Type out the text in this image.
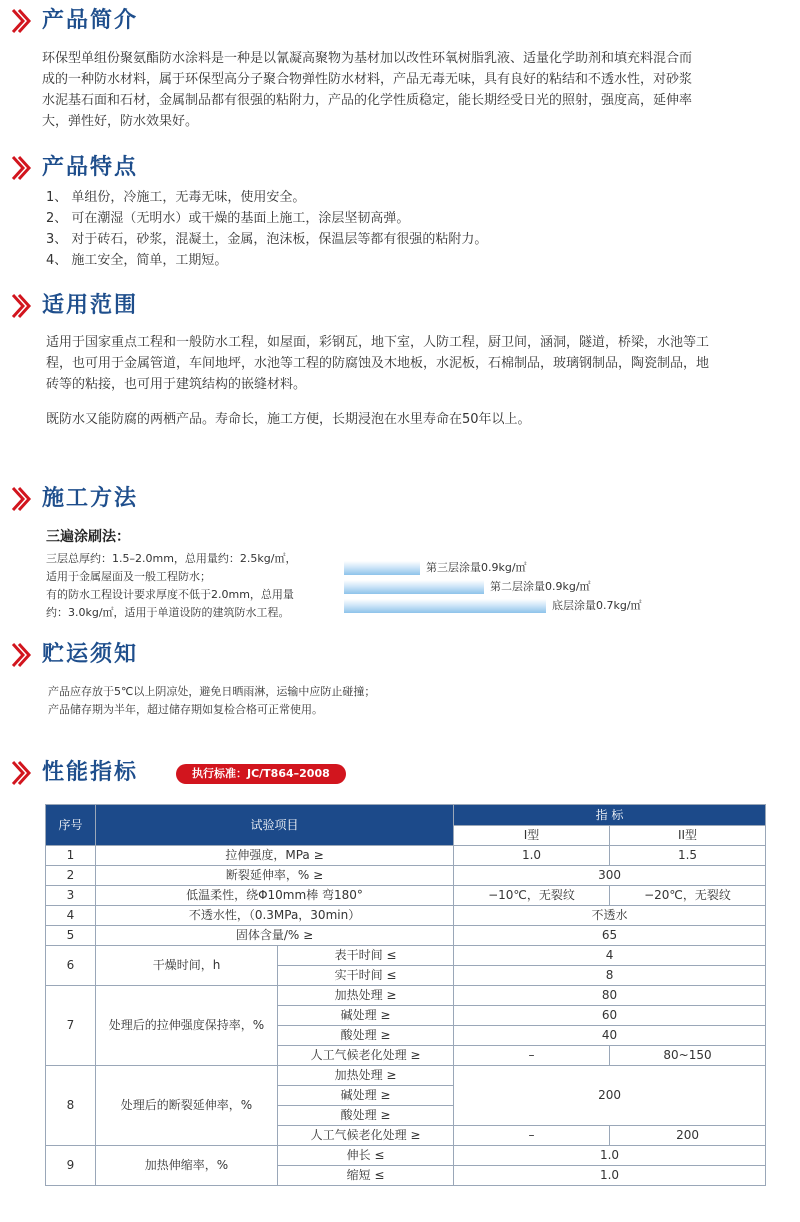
产品简介
环保型单组份聚氨酯防水涂料是一种是以氰凝高聚物为基材加以改性环氧树脂乳液、适量化学助剂和填充料混合而
成的一种防水材料，属于环保型高分子聚合物弹性防水材料，产品无毒无味，具有良好的粘结和不透水性，对砂浆
水泥基石面和石材，金属制品都有很强的粘附力，产品的化学性质稳定，能长期经受日光的照射，强度高，延伸率
大，弹性好，防水效果好。
产品特点
1、 单组份，冷施工，无毒无味，使用安全。
2、 可在潮湿（无明水）或干燥的基面上施工，涂层坚韧高弹。
3、 对于砖石，砂浆，混凝土，金属，泡沫板，保温层等都有很强的粘附力。
4、 施工安全，简单，工期短。
适用范围
适用于国家重点工程和一般防水工程，如屋面，彩钢瓦，地下室，人防工程，厨卫间，涵洞，隧道，桥梁，水池等工
程，也可用于金属管道，车间地坪，水池等工程的防腐蚀及木地板，水泥板，石棉制品，玻璃钢制品，陶瓷制品，地
砖等的粘接，也可用于建筑结构的嵌缝材料。
既防水又能防腐的两栖产品。寿命长，施工方便，长期浸泡在水里寿命在50年以上。
施工方法
三遍涂刷法：
三层总厚约：1.5–2.0mm，总用量约：2.5kg/㎡，
适用于金属屋面及一般工程防水；
有的防水工程设计要求厚度不低于2.0mm，总用量
约：3.0kg/㎡，适用于单道设防的建筑防水工程。
第三层涂量0.9kg/㎡
第二层涂量0.9kg/㎡
底层涂量0.7kg/㎡
贮运须知
产品应存放于5℃以上阴凉处，避免日晒雨淋，运输中应防止碰撞；
产品储存期为半年，超过储存期如复检合格可正常使用。
性能指标	执行标准：JC/T864–2008
序号	试验项目		指 标	
			I型	II型
1	拉伸强度，MPa ≥		1.0	1.5
2	断裂延伸率，% ≥		300	
3	低温柔性，绕Φ10mm棒 弯180°		−10℃，无裂纹	−20℃，无裂纹
4	不透水性，（0.3MPa，30min）		不透水	
5	固体含量/% ≥		65	
6	干燥时间，h	表干时间 ≤	4	
		实干时间 ≤	8	
7	处理后的拉伸强度保持率，%	加热处理 ≥	80	
		碱处理 ≥	60	
		酸处理 ≥	40	
		人工气候老化处理 ≥	–	80~150
8	处理后的断裂延伸率，%	加热处理 ≥	200	
		碱处理 ≥		
		酸处理 ≥		
		人工气候老化处理 ≥	–	200
9	加热伸缩率，%	伸长 ≤	1.0	
		缩短 ≤	1.0	
